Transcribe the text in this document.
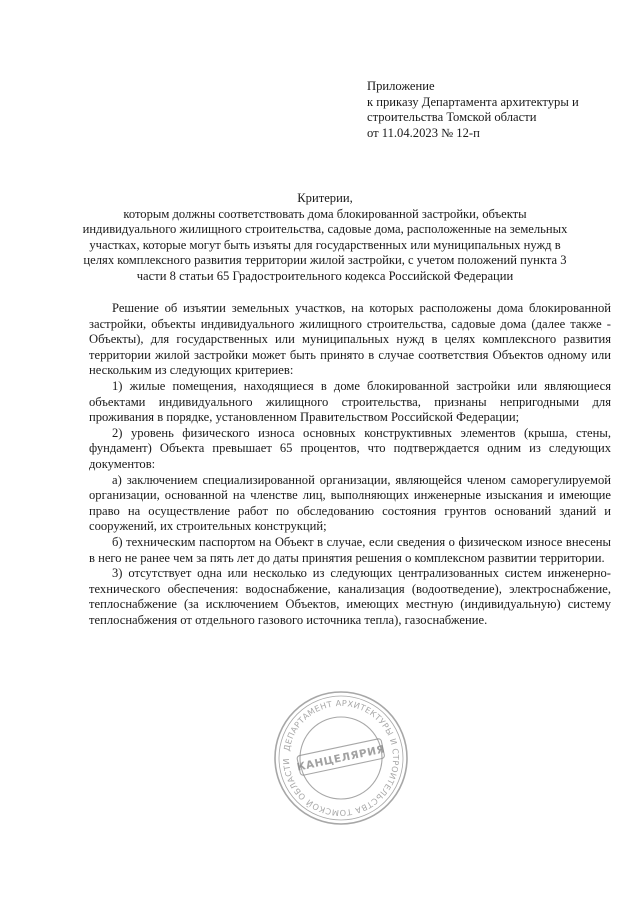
Приложение
к приказу Департамента архитектуры и
строительства Томской области
от 11.04.2023 № 12-п
Критерии,
которым должны соответствовать дома блокированной застройки, объекты индивидуального жилищного строительства, садовые дома, расположенные на земельных участках, которые могут быть изъяты для государственных или муниципальных нужд в целях комплексного развития территории жилой застройки, с учетом положений пункта 3 части 8 статьи 65 Градостроительного кодекса Российской Федерации

Решение об изъятии земельных участков, на которых расположены дома блокированной застройки, объекты индивидуального жилищного строительства, садовые дома (далее также - Объекты), для государственных или муниципальных нужд в целях комплексного развития территории жилой застройки может быть принято в случае соответствия Объектов одному или нескольким из следующих критериев:

1) жилые помещения, находящиеся в доме блокированной застройки или являющиеся объектами индивидуального жилищного строительства, признаны непригодными для проживания в порядке, установленном Правительством Российской Федерации;

2) уровень физического износа основных конструктивных элементов (крыша, стены, фундамент) Объекта превышает 65 процентов, что подтверждается одним из следующих документов:

а) заключением специализированной организации, являющейся членом саморегулируемой организации, основанной на членстве лиц, выполняющих инженерные изыскания и имеющие право на осуществление работ по обследованию состояния грунтов оснований зданий и сооружений, их строительных конструкций;

б) техническим паспортом на Объект в случае, если сведения о физическом износе внесены в него не ранее чем за пять лет до даты принятия решения о комплексном развитии территории.

3) отсутствует одна или несколько из следующих централизованных систем инженерно-технического обеспечения: водоснабжение, канализация (водоотведение), электроснабжение, теплоснабжение (за исключением Объектов, имеющих местную (индивидуальную) систему теплоснабжения от отдельного газового источника тепла), газоснабжение.

ДЕПАРТАМЕНТ АРХИТЕКТУРЫ И СТРОИТЕЛЬСТВА ТОМСКОЙ ОБЛАСТИ КАНЦЕЛЯРИЯ
